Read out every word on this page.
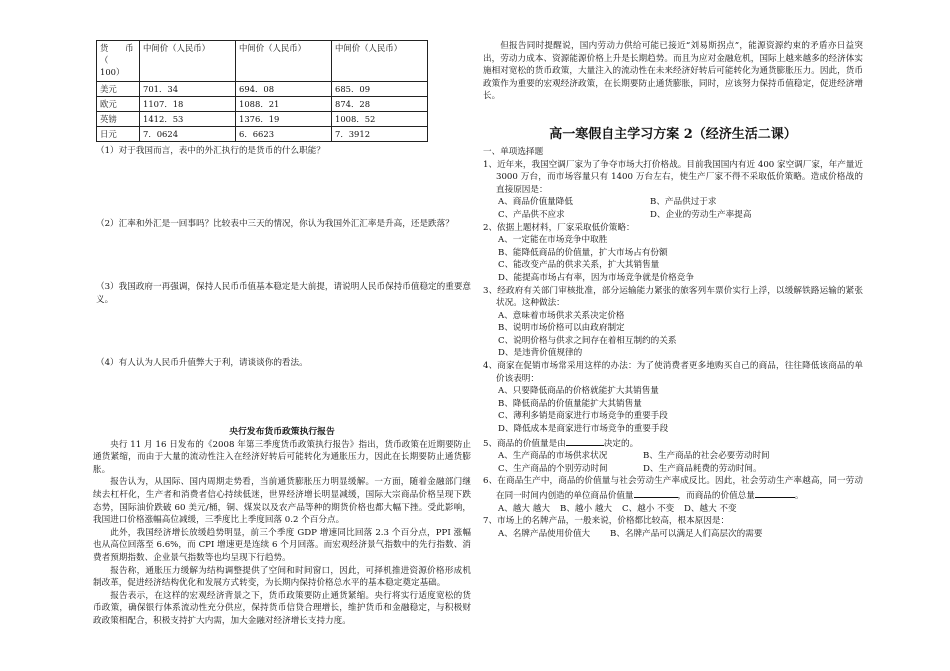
货　　币（　100）	中间价（人民币）	中间价（人民币）	中间价（人民币）
美元	701．34	694．08	685．09
欧元	1107．18	1088．21	874．28
英镑	1412．53	1376．19	1008．52
日元	7．0624	6．6623	7．3912

（1）对于我国而言，表中的外汇执行的是货币的什么职能？

（2）汇率和外汇是一回事吗？比较表中三天的情况，你认为我国外汇汇率是升高，还是跌落？

（3）我国政府一再强调，保持人民币币值基本稳定是大前提，请说明人民币保持币值稳定的重要意义。

（4）有人认为人民币升值弊大于利，请谈谈你的看法。

央行发布货币政策执行报告

央行 11 月 16 日发布的《2008 年第三季度货币政策执行报告》指出，货币政策在近期要防止通货紧缩，而由于大量的流动性注入在经济好转后可能转化为通胀压力，因此在长期要防止通货膨胀。

报告认为，从国际、国内周期走势看，当前通货膨胀压力明显缓解。一方面，随着金融部门继续去杠杆化，生产者和消费者信心持续低迷，世界经济增长明显减缓，国际大宗商品价格呈现下跌态势，国际油价跌破 60 美元/桶，铜、煤炭以及农产品等种的期货价格也都大幅下挫。受此影响，我国进口价格涨幅高位减缓，三季度比上季度回落 0.2 个百分点。

此外，我国经济增长放缓趋势明显，前三个季度 GDP 增速同比回落 2.3 个百分点，PPI 涨幅也从高位回落至 6.6%，而 CPI 增速更是连续 6 个月回落。而宏观经济景气指数中的先行指数、消费者预期指数、企业景气指数等也均呈现下行趋势。

报告称，通胀压力缓解为结构调整提供了空间和时间窗口，因此，可择机推进资源价格形成机制改革，促进经济结构优化和发展方式转变，为长期内保持价格总水平的基本稳定奠定基础。

报告表示，在这样的宏观经济背景之下，货币政策要防止通货紧缩。央行将实行适度宽松的货币政策，确保银行体系流动性充分供应，保持货币信贷合理增长，维护货币和金融稳定，与积极财政政策相配合，积极支持扩大内需，加大金融对经济增长支持力度。

但报告同时提醒说，国内劳动力供给可能已接近“刘易斯拐点”，能源资源约束的矛盾亦日益突出，劳动力成本、资源能源价格上升是长期趋势。而且为应对金融危机，国际上越来越多的经济体实施相对宽松的货币政策，大量注入的流动性在未来经济好转后可能转化为通货膨胀压力。因此，货币政策作为重要的宏观经济政策，在长期要防止通货膨胀，同时，应该努力保持币值稳定，促进经济增长。

高一寒假自主学习方案 2（经济生活二课）

一、单项选择题

1、近年来，我国空调厂家为了争夺市场大打价格战。目前我国国内有近 400 家空调厂家，年产量近 3000 万台，而市场容量只有 1400 万台左右，使生产厂家不得不采取低价策略。造成价格战的直接原因是：

A、商品价值量降低	B、产品供过于求
C、产品供不应求	D、企业的劳动生产率提高

2、依据上题材料，厂家采取低价策略：

A、一定能在市场竞争中取胜
B、能降低商品的价值量，扩大市场占有份额
C、能改变产品的供求关系，扩大其销售量
D、能提高市场占有率，因为市场竞争就是价格竞争

3、经政府有关部门审核批准，部分运输能力紧张的旅客列车票价实行上浮，以缓解铁路运输的紧张状况。这种做法：

A、意味着市场供求关系决定价格
B、说明市场价格可以由政府制定
C、说明价格与供求之间存在着相互制约的关系
D、是违背价值规律的

4、商家在促销市场常采用这样的办法：为了使消费者更多地购买自己的商品，往往降低该商品的单价该表明：

A、只要降低商品的价格就能扩大其销售量
B、降低商品的价值量能扩大其销售量
C、薄利多销是商家进行市场竞争的重要手段
D、降低成本是商家进行市场竞争的重要手段

5、商品的价值量是由	决定的。

A、生产商品的市场供求状况	B、生产商品的社会必要劳动时间
C、生产商品的个别劳动时间	D、生产商品耗费的劳动时间。

6、在商品生产中，商品的价值量与社会劳动生产率成反比。因此，社会劳动生产率越高，同一劳动在同一时间内创造的单位商品价值量	，而商品的价值总量	。

A、越大 越大	B、越小 越大	C、越小 不变	D、越大 不变

7、市场上的名牌产品，一般来说，价格都比较高，根本原因是：

A、名牌产品使用价值大	B、名牌产品可以满足人们高层次的需要
